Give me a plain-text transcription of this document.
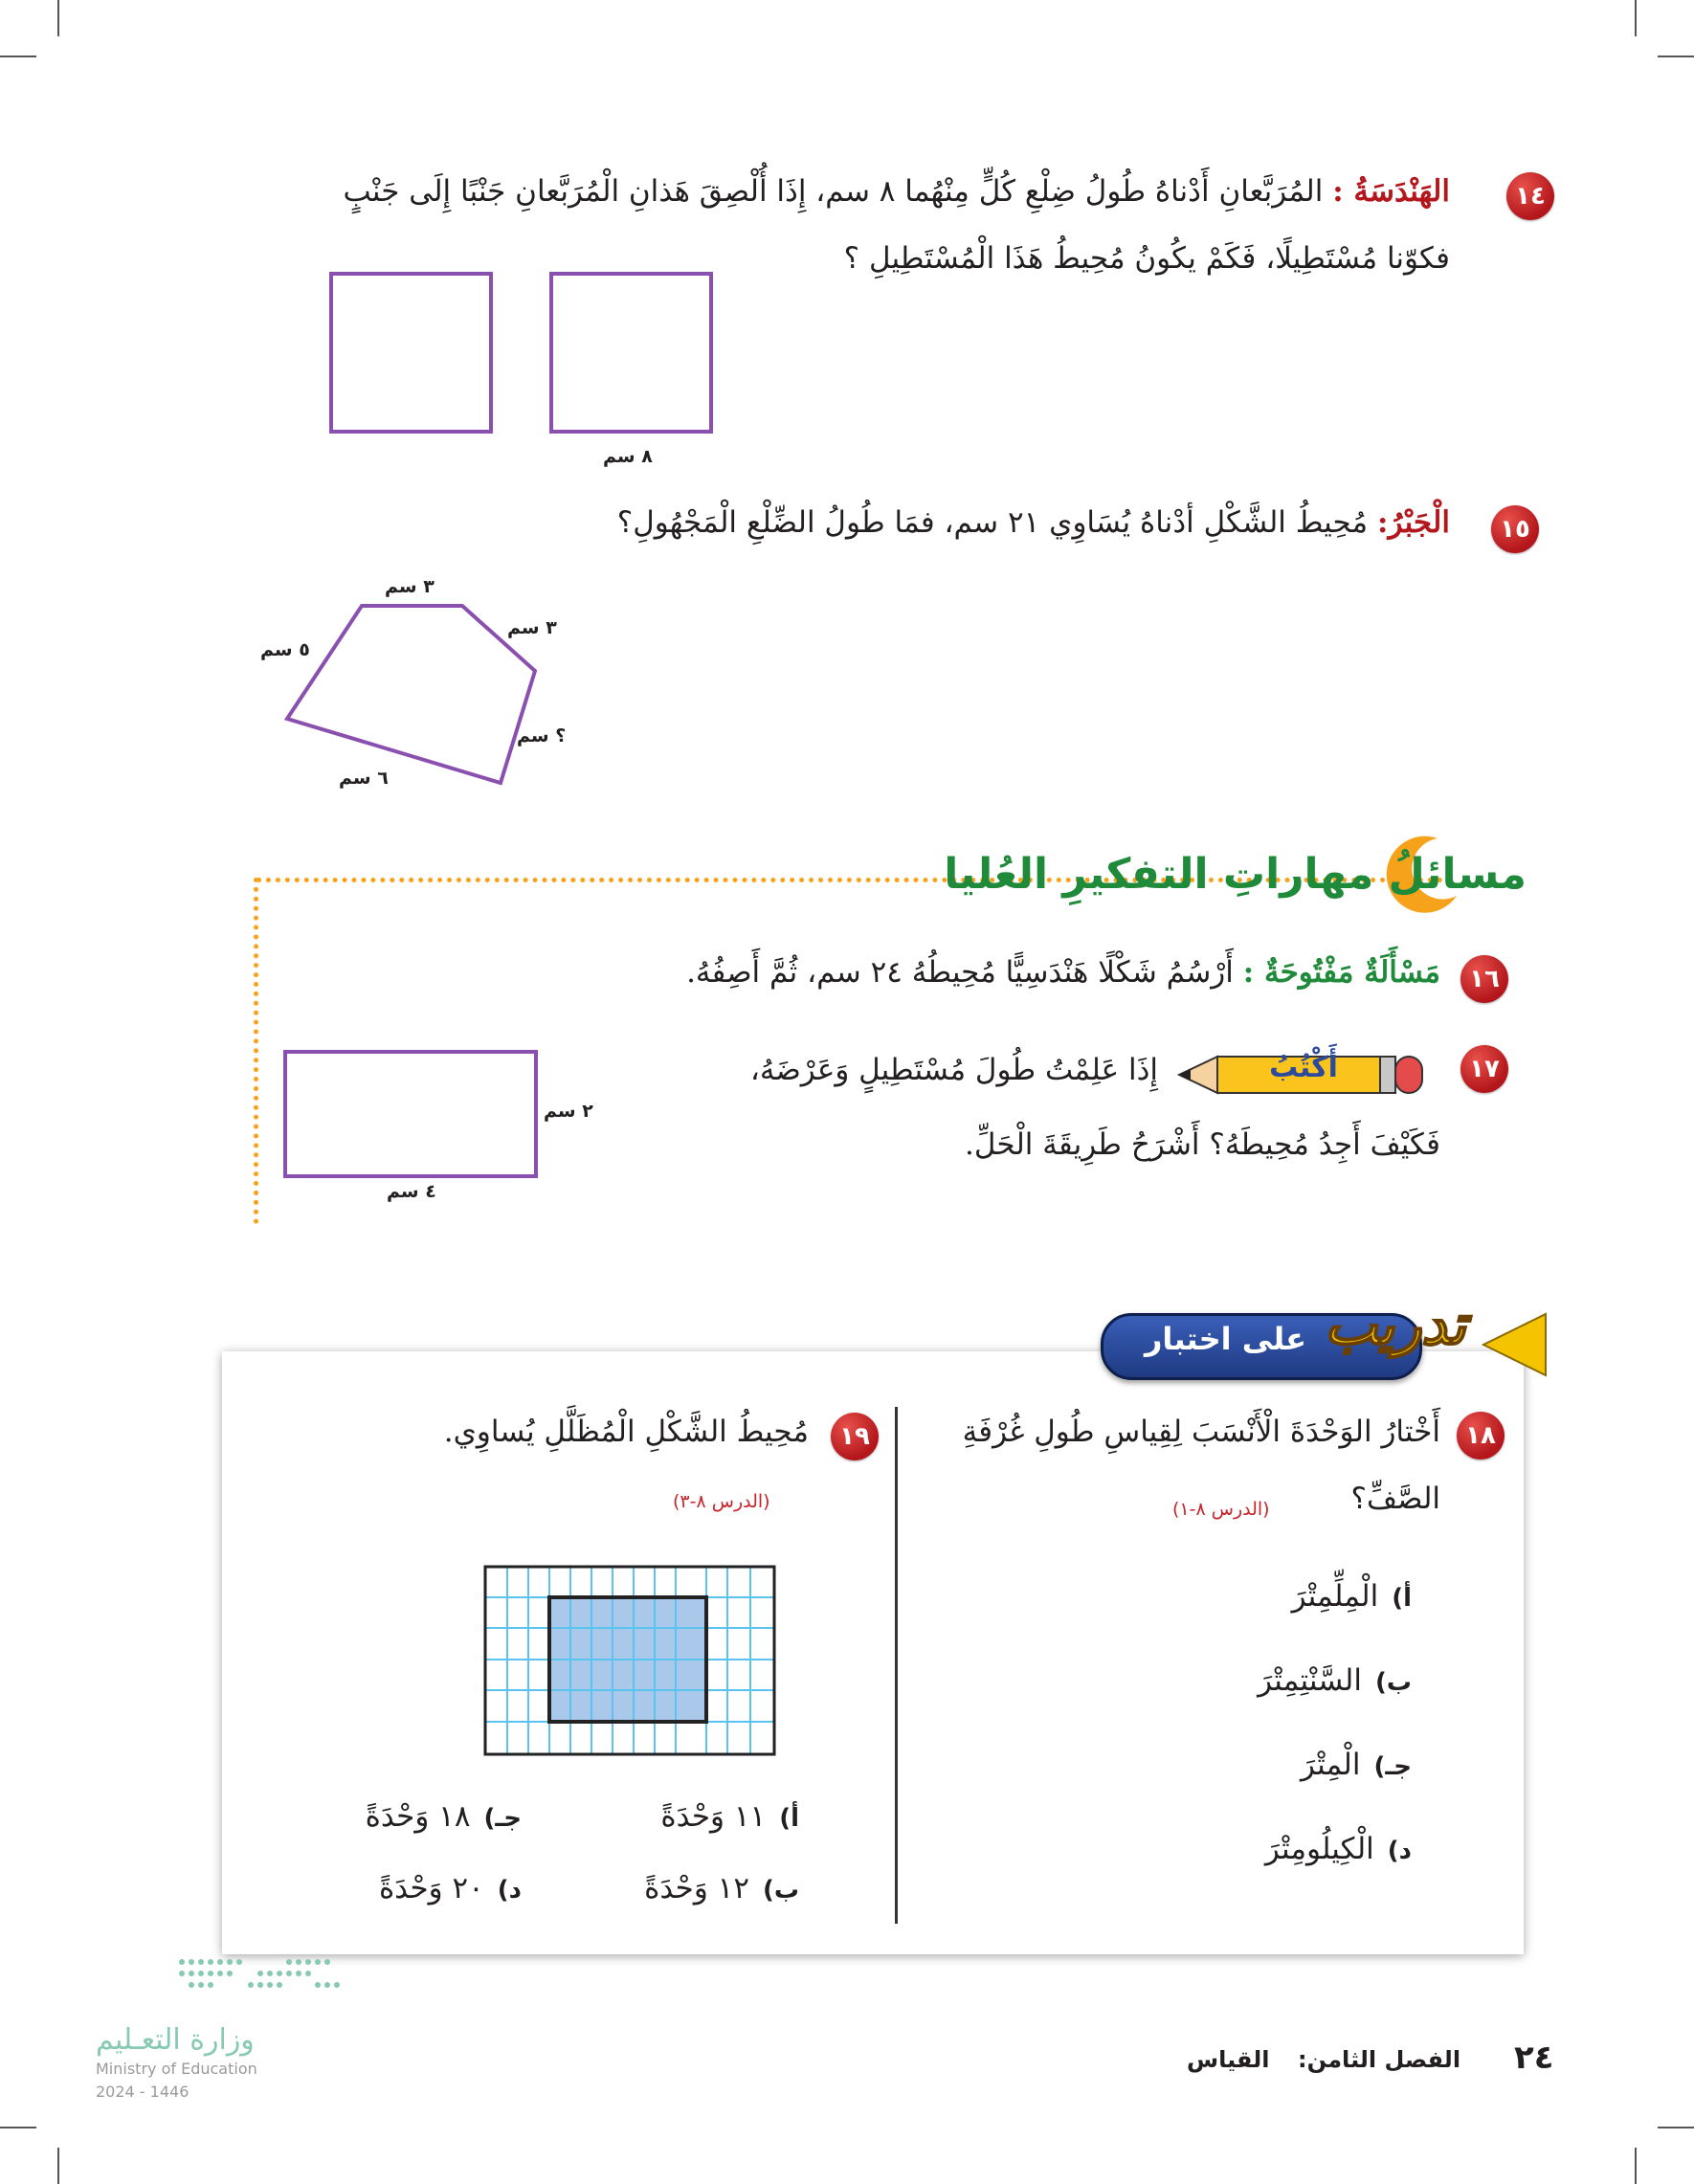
١٤
الهَنْدَسَةُ : المُرَبَّعانِ أَدْناهُ طُولُ ضِلْعِ كُلٍّ مِنْهُما ٨ سم، إِذَا أُلْصِقَ هَذانِ الْمُرَبَّعانِ جَنْبًا إِلَى جَنْبٍ
فكوّنا مُسْتَطِيلًا، فَكَمْ يكُونُ مُحِيطُ هَذَا الْمُسْتَطِيلِ ؟
٨ سم
١٥
الْجَبْرُ: مُحِيطُ الشَّكْلِ أدْناهُ يُسَاوِي ٢١ سم، فمَا طُولُ الضِّلْعِ الْمَجْهُولِ؟
٣ سم
٣ سم
٥ سم
؟ سم
٦ سم
مسائلُ مهاراتِ التفكيرِ العُليا
١٦
مَسْأَلَةٌ مَفْتُوحَةٌ : أَرْسُمُ شَكْلًا هَنْدَسِيًّا مُحِيطُهُ ٢٤ سم، ثُمَّ أَصِفُهُ.
١٧
أَكْتُبُ
إِذَا عَلِمْتُ طُولَ مُسْتَطِيلٍ وَعَرْضَهُ،
فَكَيْفَ أَجِدُ مُحِيطَهُ؟ أَشْرَحُ طَرِيقَةَ الْحَلِّ.
٢ سم
٤ سم
على اختبار تدريب
١٨
أَخْتارُ الوَحْدَةَ الْأَنْسَبَ لِقِياسِ طُولِ غُرْفَةِ
الصَّفِّ؟
(الدرس ٨-١)
أ)الْمِلِّمِتْرَ
ب)السَّنْتِمِتْرَ
جـ)الْمِتْرَ
د)الْكِيلُومِتْرَ
١٩
مُحِيطُ الشَّكْلِ الْمُظَلَّلِ يُساوِي.
(الدرس ٨-٣)
أ)١١ وَحْدَةً
جـ)١٨ وَحْدَةً
ب)١٢ وَحْدَةً
د)٢٠ وَحْدَةً
وزارة التعـليم
Ministry of Education
2024 - 1446
٢٤
الفصل الثامن:
القياس
